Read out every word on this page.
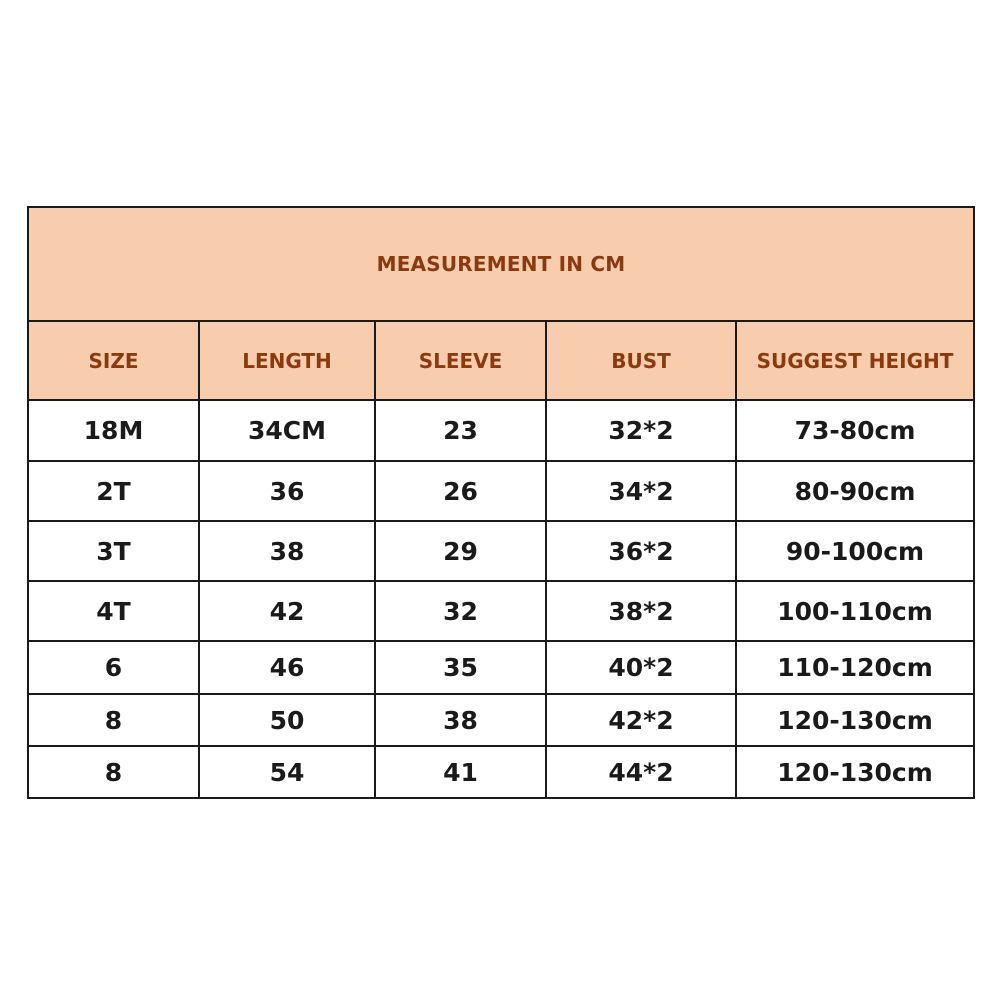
MEASUREMENT IN CM				
SIZE	LENGTH	SLEEVE	BUST	SUGGEST HEIGHT
18M	34CM	23	32*2	73-80cm
2T	36	26	34*2	80-90cm
3T	38	29	36*2	90-100cm
4T	42	32	38*2	100-110cm
6	46	35	40*2	110-120cm
8	50	38	42*2	120-130cm
8	54	41	44*2	120-130cm
